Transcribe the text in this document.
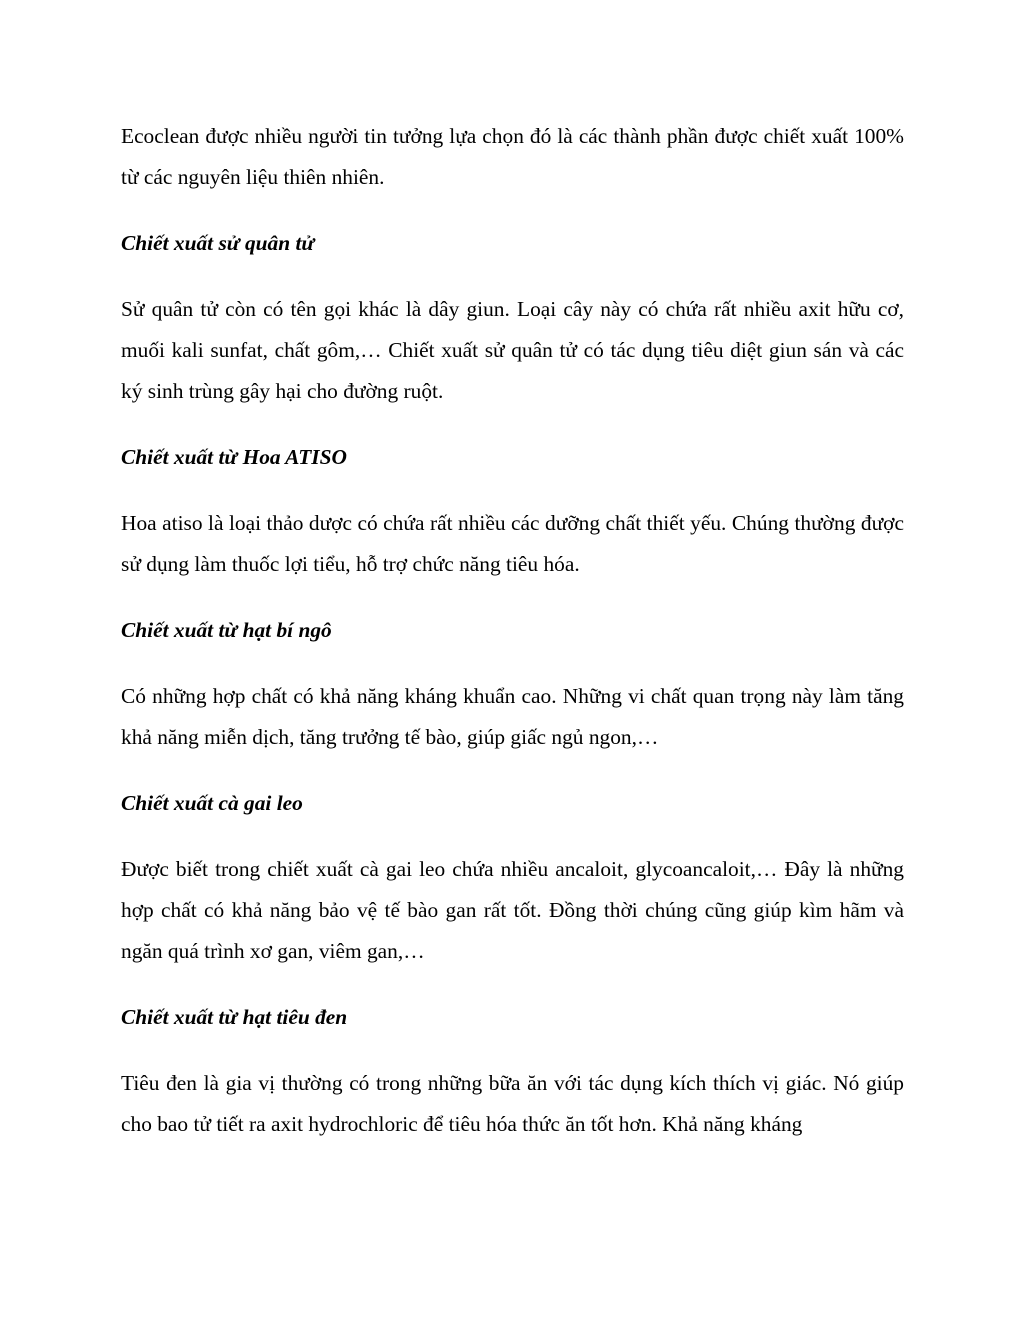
Ecoclean được nhiều người tin tưởng lựa chọn đó là các thành phần được chiết xuất 100% từ các nguyên liệu thiên nhiên.

Chiết xuất sử quân tử

Sử quân tử còn có tên gọi khác là dây giun. Loại cây này có chứa rất nhiều axit hữu cơ, muối kali sunfat, chất gôm,… Chiết xuất sử quân tử có tác dụng tiêu diệt giun sán và các ký sinh trùng gây hại cho đường ruột.

Chiết xuất từ Hoa ATISO

Hoa atiso là loại thảo dược có chứa rất nhiều các dưỡng chất thiết yếu. Chúng thường được sử dụng làm thuốc lợi tiểu, hỗ trợ chức năng tiêu hóa.

Chiết xuất từ hạt bí ngô

Có những hợp chất có khả năng kháng khuẩn cao. Những vi chất quan trọng này làm tăng khả năng miễn dịch, tăng trưởng tế bào, giúp giấc ngủ ngon,…

Chiết xuất cà gai leo

Được biết trong chiết xuất cà gai leo chứa nhiều ancaloit, glycoancaloit,… Đây là những hợp chất có khả năng bảo vệ tế bào gan rất tốt. Đồng thời chúng cũng giúp kìm hãm và ngăn quá trình xơ gan, viêm gan,…

Chiết xuất từ hạt tiêu đen

Tiêu đen là gia vị thường có trong những bữa ăn với tác dụng kích thích vị giác. Nó giúp cho bao tử tiết ra axit hydrochloric để tiêu hóa thức ăn tốt hơn. Khả năng kháng
